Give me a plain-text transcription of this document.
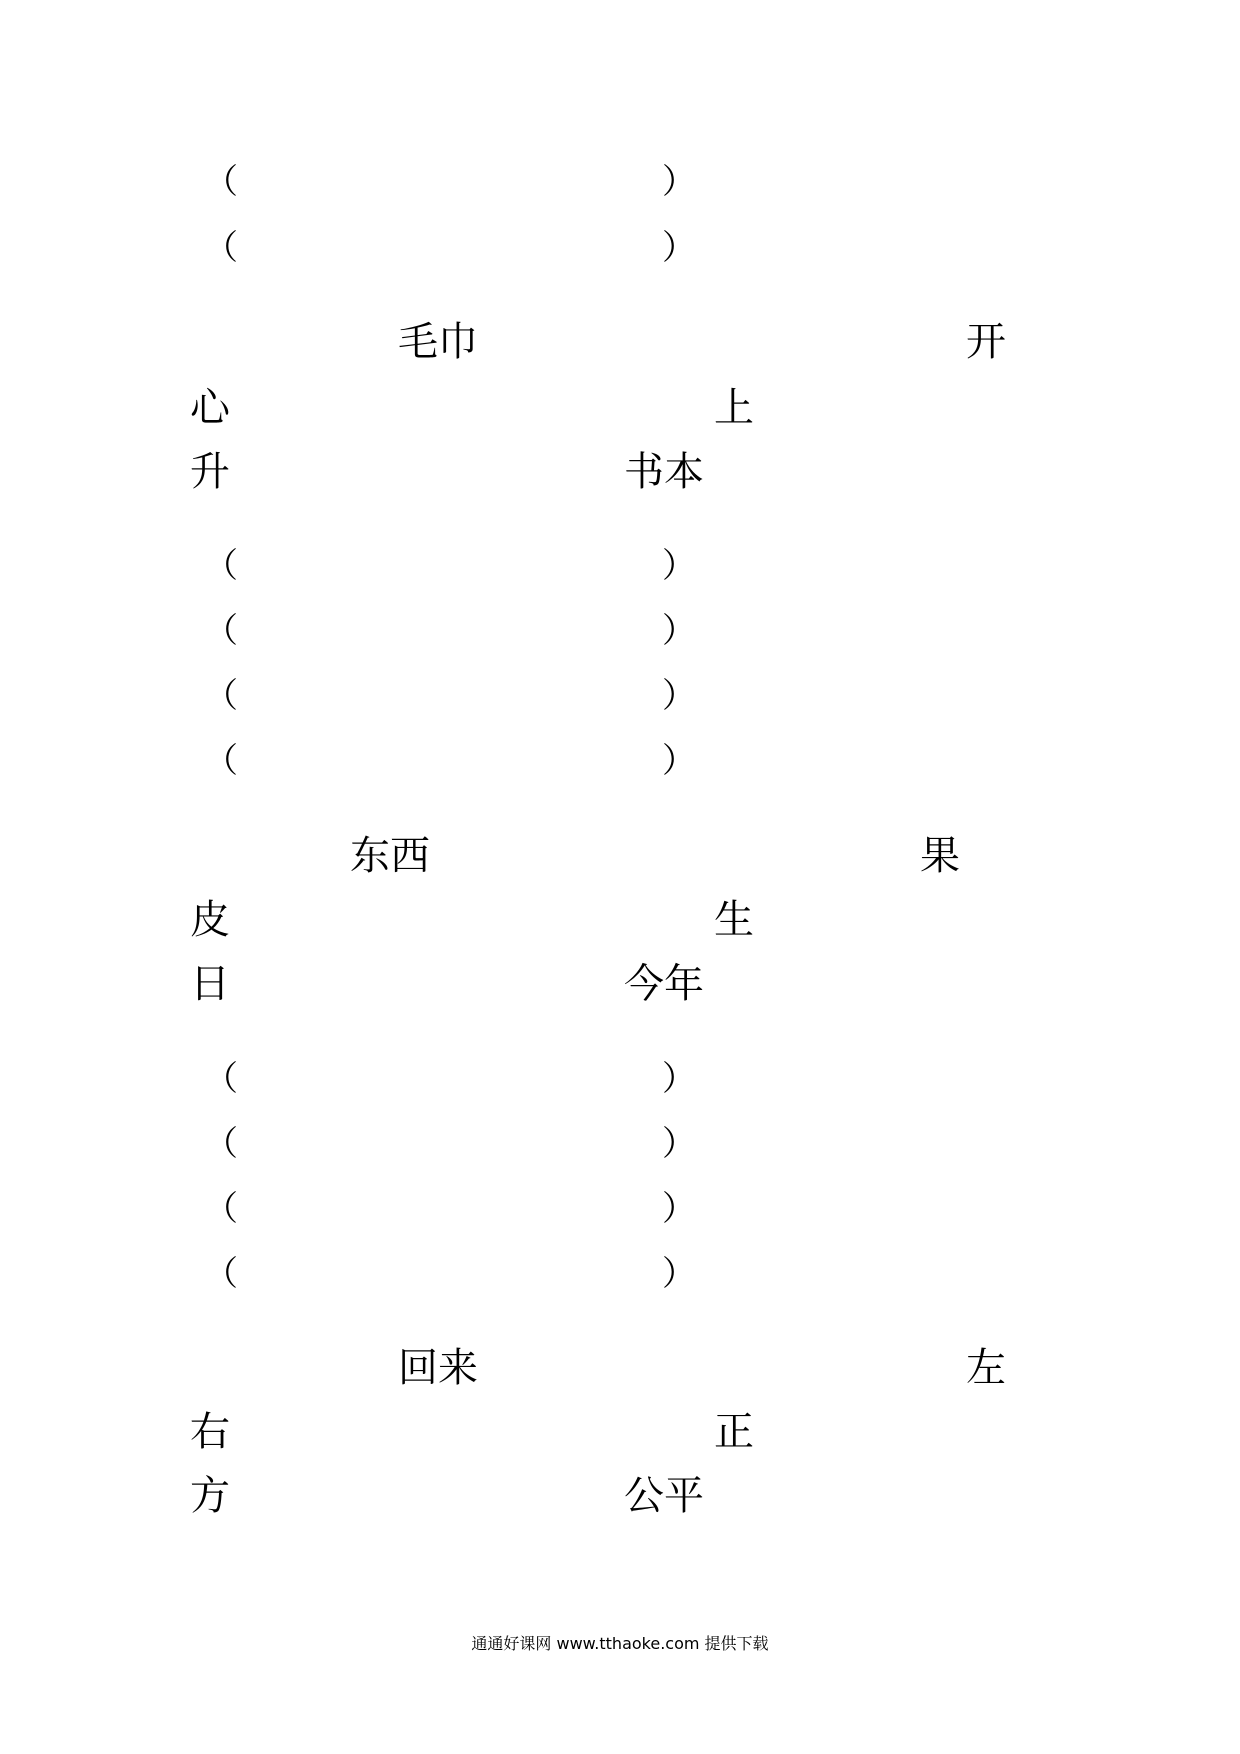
（	）
（	）
毛巾	开
心	上
升	书本
（	）
（	）
（	）
（	）
东西	果
皮	生
日	今年
（	）
（	）
（	）
（	）
回来	左
右	正
方	公平
通通好课网 www.tthaoke.com 提供下载
